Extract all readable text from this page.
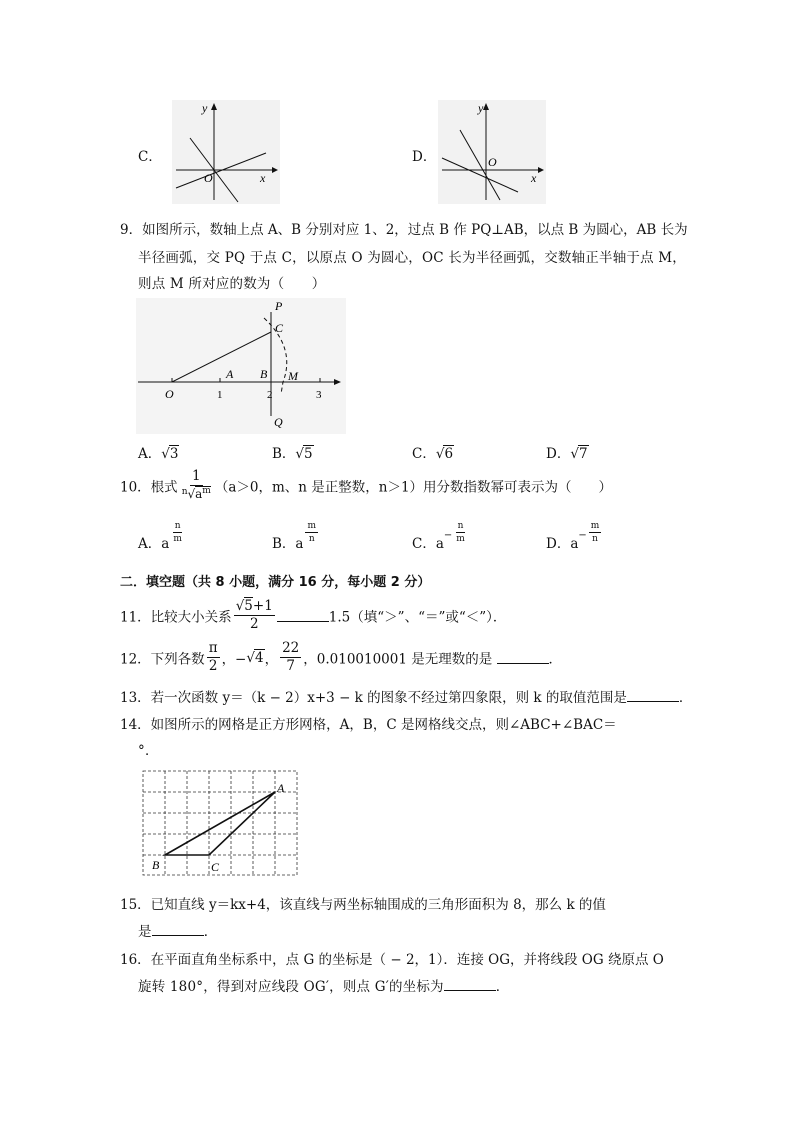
C．
y
x
O
D．
y
x
O
9．如图所示，数轴上点 A、B 分别对应 1、2，过点 B 作 PQ⊥AB，以点 B 为圆心，AB 长为
半径画弧，交 PQ 于点 C，以原点 O 为圆心，OC 长为半径画弧，交数轴正半轴于点 M，
则点 M 所对应的数为（　　）
P
C
O
A B M
Q
1	2	3
A．√3	B．√5	C．√6	D．√7
10．根式 $\frac{1}{^n√a^m} (a>0$，m、n 是正整数，n＞1）用分数指数幂可表示为（　　）
A．a
$\frac{n}{m}$
B．a
$\frac{m}{n}$
C．$a^- \frac{n}{m}$
D．$a^- \frac{m}{n}$
二．填空题（共 8 小题，满分 16 分，每小题 2 分）
11．比较大小关系 $\frac{√5+1}{2}$	1.5（填“＞”、“＝”或“＜”）．
12．下列各数 $\frac{\pi}{2}$ ，−√4， $\frac{22}{7}$ ，0.010010001 是无理数的是	．
13．若一次函数 y＝（k − 2）x+3 − k 的图象不经过第四象限，则 k 的取值范围是	．
14．如图所示的网格是正方形网格，A，B，C 是网格线交点，则∠ABC+∠BAC＝
°．
A
B	C
15．已知直线 y＝kx+4，该直线与两坐标轴围成的三角形面积为 8，那么 k 的值
是	．
16．在平面直角坐标系中，点 G 的坐标是（ − 2，1）．连接 OG，并将线段 OG 绕原点 O
旋转 180°，得到对应线段 OG′，则点 G′的坐标为	．
